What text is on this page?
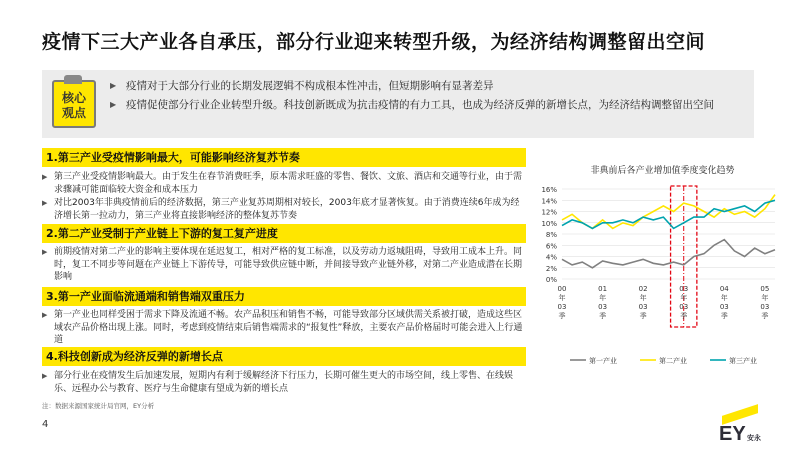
疫情下三大产业各自承压，部分行业迎来转型升级，为经济结构调整留出空间
核心
观点
▶ 疫情对于大部分行业的长期发展逻辑不构成根本性冲击，但短期影响有显著差异
▶ 疫情促使部分行业企业转型升级。科技创新既成为抗击疫情的有力工具，也成为经济反弹的新增长点，为经济结构调整留出空间
1.第三产业受疫情影响最大，可能影响经济复苏节奏
▶ 第三产业受疫情影响最大。由于发生在春节消费旺季，原本需求旺盛的零售、餐饮、文旅、酒店和交通等行业，由于需求骤减可能面临较大资金和成本压力
▶ 对比2003年非典疫情前后的经济数据，第三产业复苏周期相对较长，2003年底才显著恢复。由于消费连续6年成为经济增长第一拉动力，第三产业将直接影响经济的整体复苏节奏
2.第二产业受制于产业链上下游的复工复产进度
▶ 前期疫情对第二产业的影响主要体现在延迟复工，相对严格的复工标准，以及劳动力返城阻碍，导致用工成本上升。同时，复工不同步等问题在产业链上下游传导，可能导致供应链中断，并间接导致产业链外移，对第二产业造成潜在长期影响
3.第一产业面临流通端和销售端双重压力
▶ 第一产业也同样受困于需求下降及流通不畅。农产品积压和销售不畅，可能导致部分区域供需关系被打破，造成这些区域农产品价格出现上涨。同时，考虑到疫情结束后销售端需求的“报复性”释放，主要农产品价格届时可能会进入上行通道
4.科技创新成为经济反弹的新增长点
▶ 部分行业在疫情发生后加速发展，短期内有利于缓解经济下行压力，长期可催生更大的市场空间，线上零售、在线娱乐、远程办公与教育、医疗与生命健康有望成为新的增长点
注：数据来源国家统计局官网，EY分析
4	EY 安永
非典前后各产业增加值季度变化趋势
0%
2%
4%
6%
8%
10%
12%
14%
16%
00
年
03
季
01
年
03
季
02
年
03
季
03
年
03
季
04
年
03
季
05
年
03
季
第一产业	第二产业	第三产业
